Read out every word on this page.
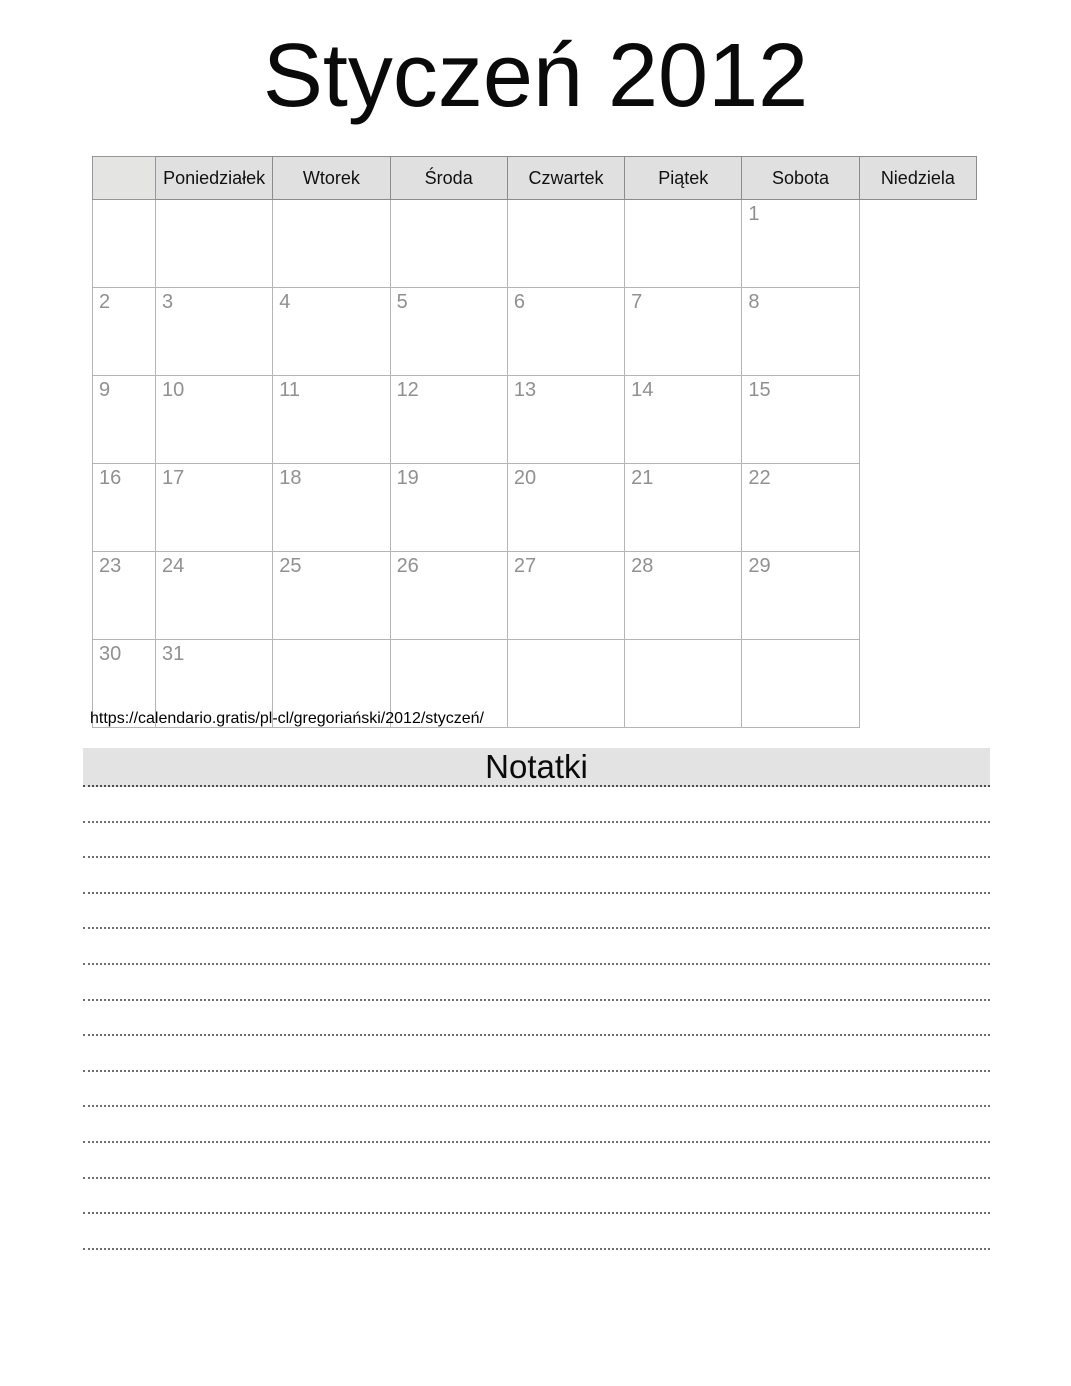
Styczeń 2012
	Poniedziałek	Wtorek	Środa	Czwartek	Piątek	Sobota	Niedziela
						1	
2	3	4	5	6	7	8	
9	10	11	12	13	14	15	
16	17	18	19	20	21	22	
23	24	25	26	27	28	29	
30	31						
https://calendario.gratis/pl-cl/gregoriański/2012/styczeń/
Notatki
